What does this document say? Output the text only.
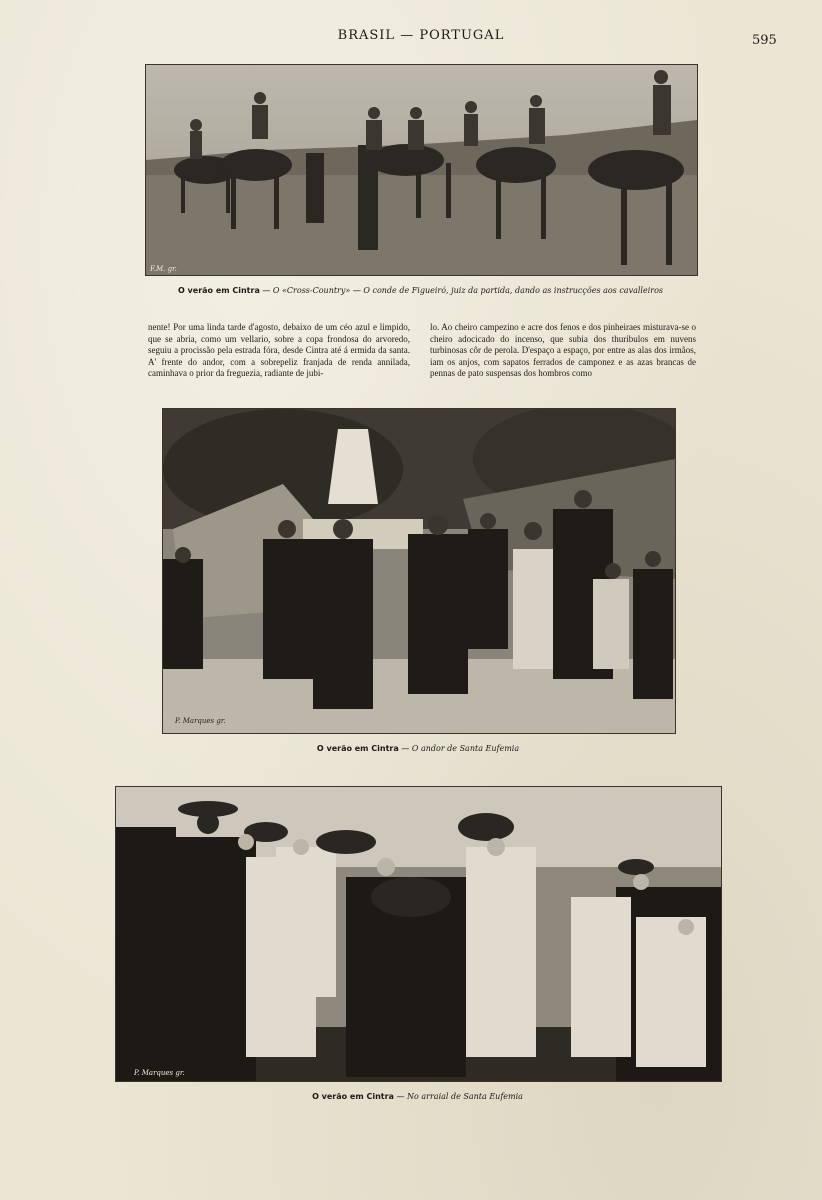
BRASIL — PORTUGAL	595
F.M. gr.
O verão em Cintra — O «Cross-Country» — O conde de Figueiró, juiz da partida, dando as instrucções aos cavalleiros

nente! Por uma linda tarde d'agosto, debaixo de um céo azul e limpido, que se abria, como um vellario, sobre a copa frondosa do arvoredo, seguiu a procissão pela estrada fóra, desde Cintra até á ermida da santa. A' frente do andor, com a sobrepeliz franjada de renda annilada, caminhava o prior da freguezia, radiante de jubi-

lo. Ao cheiro campezino e acre dos fenos e dos pinheiraes misturava-se o cheiro adocicado do incenso, que subia dos thuribulos em nuvens turbinosas côr de perola. D'espaço a espaço, por entre as alas dos irmãos, iam os anjos, com sapatos ferrados de camponez e as azas brancas de pennas de pato suspensas dos hombros como

P. Marques gr.
O verão em Cintra — O andor de Santa Eufemia
P. Marques gr.
O verão em Cintra — No arraial de Santa Eufemia
